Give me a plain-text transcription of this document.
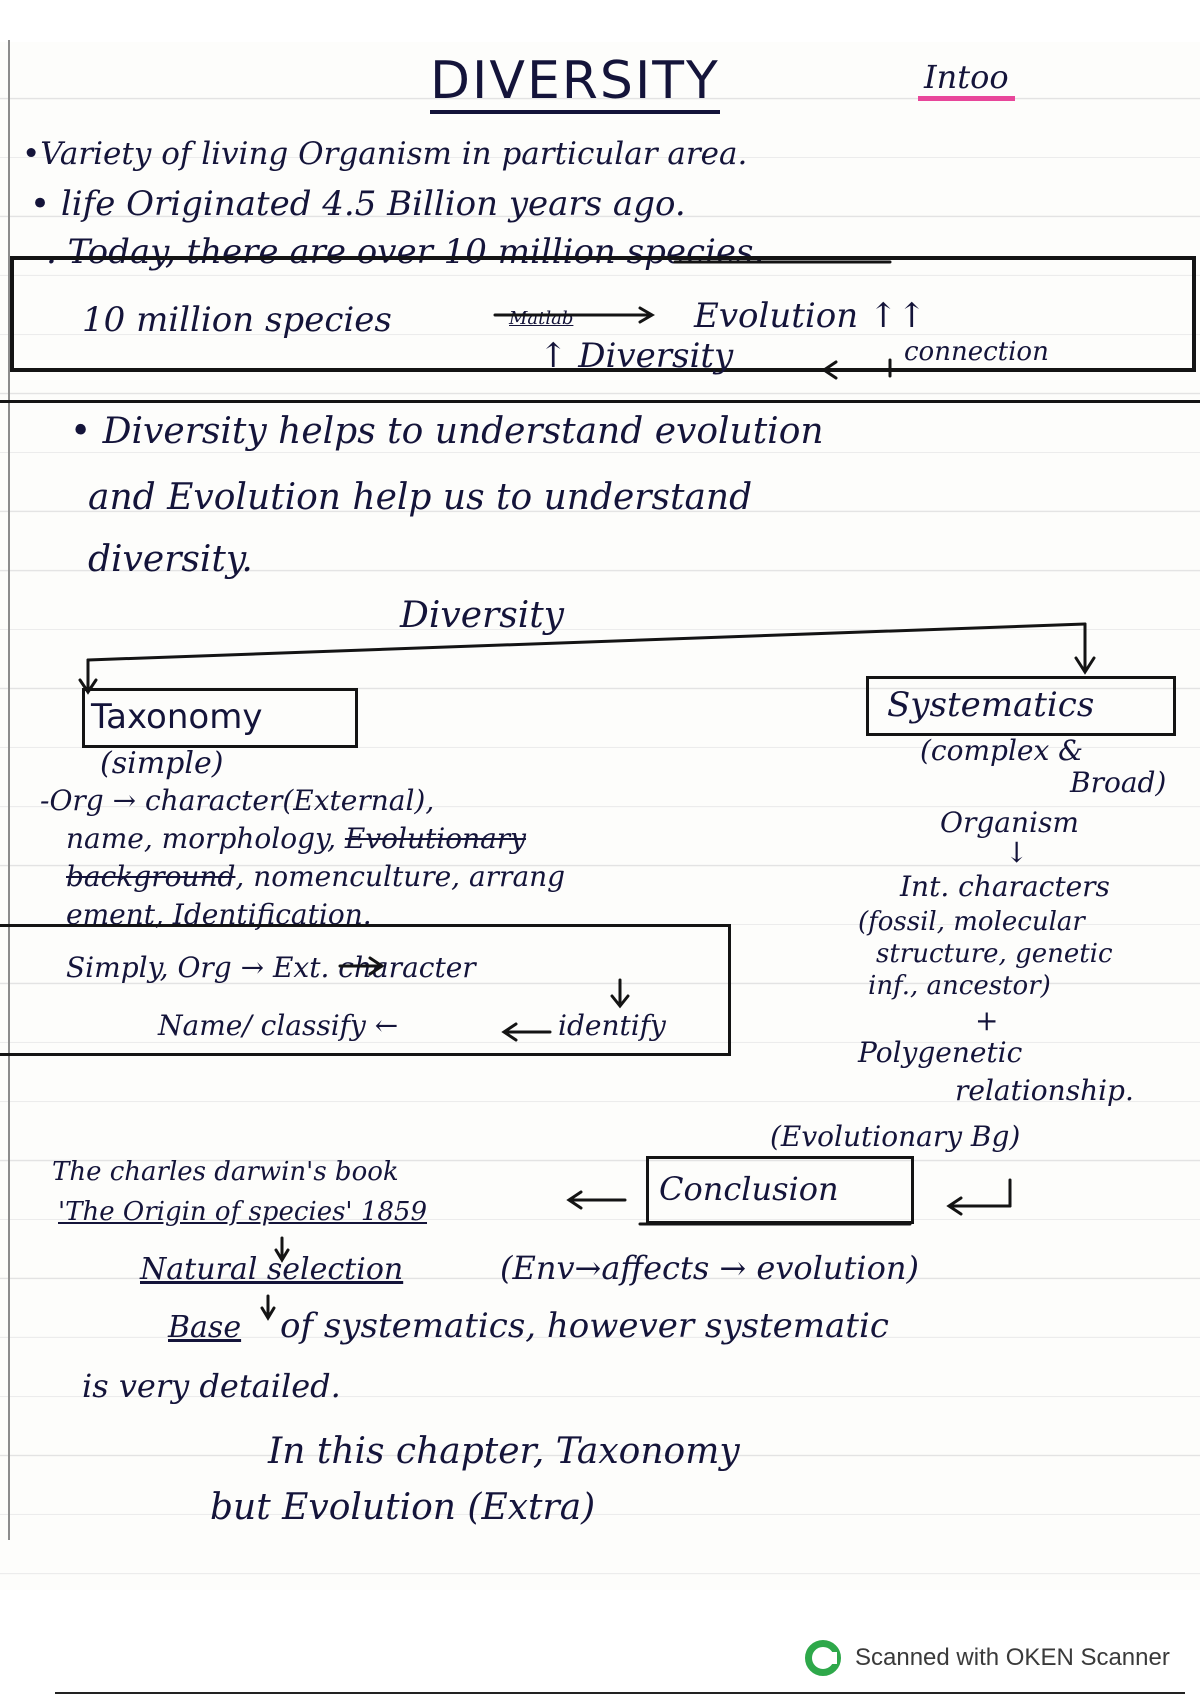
DIVERSITY	Intoo
•Variety of living Organism in particular area.
• life Originated 4.5 Billion years ago.
. Today, there are over 10 million species.
10 million species	Matlab	Evolution ↑↑
↑ Diversity	connection
• Diversity helps to understand evolution
and Evolution help us to understand
diversity.
Diversity
Taxonomy
(simple)
-Org → character(External),
name, morphology, Evolutionary
background, nomenculture, arrang
ement, Identification.
Simply, Org → Ext. character
Name/ classify ←	identify
Systematics
(complex &
Broad)
Organism
↓
Int. characters
(fossil, molecular
structure, genetic
inf., ancestor)
+
Polygenetic
relationship.
(Evolutionary Bg)
The charles darwin's book
'The Origin of species' 1859
Conclusion
Natural selection	(Env→affects → evolution)
Base of systematics, however systematic
is very detailed.
In this chapter, Taxonomy
but Evolution (Extra)
Scanned with OKEN Scanner
